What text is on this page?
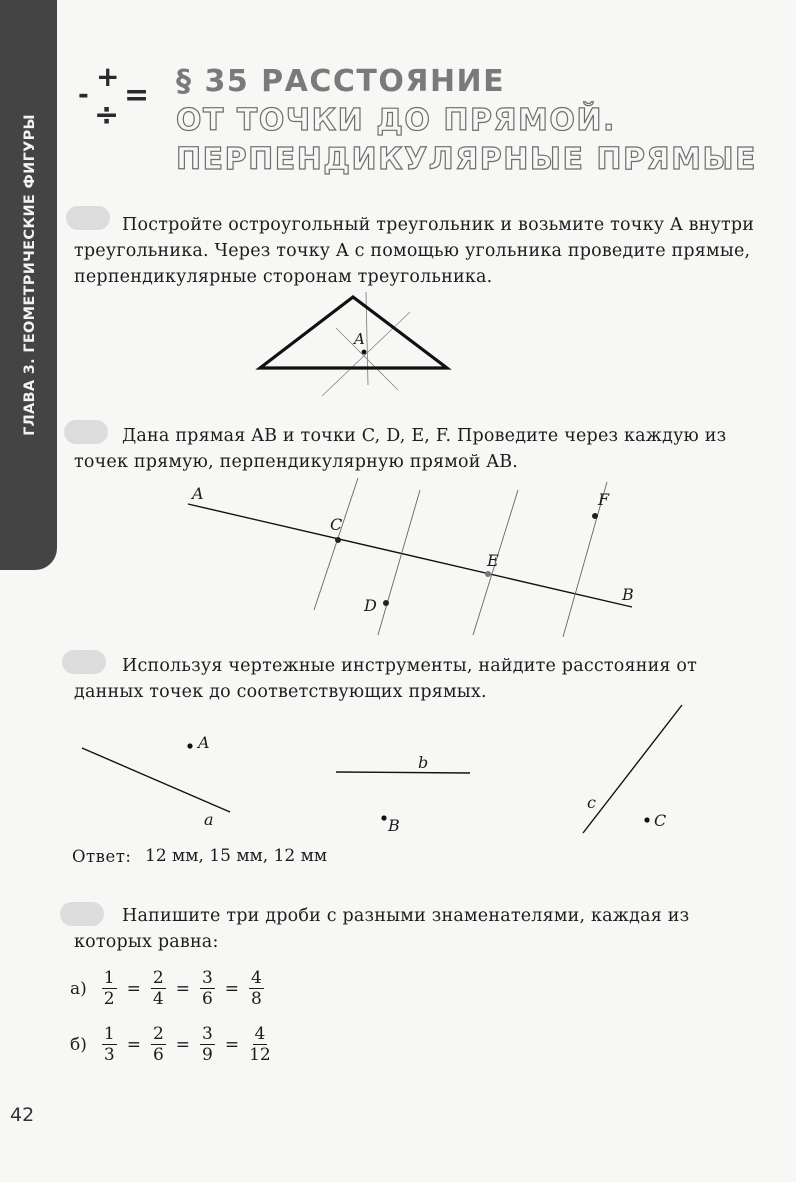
ГЛАВА 3. ГЕОМЕТРИЧЕСКИЕ ФИГУРЫ
+
÷
=
-	§ 35 РАССТОЯНИЕ
ОТ ТОЧКИ ДО ПРЯМОЙ.
ПЕРПЕНДИКУЛЯРНЫЕ ПРЯМЫЕ

Постройте остроугольный треугольник и возьмите точку A внутри треугольника. Через точку A с помощью угольника проведите прямые, перпендикулярные сторонам треугольника.

A

Дана прямая AB и точки C, D, E, F. Проведите через каждую из точек прямую, перпендикулярную прямой AB.

A
B
C
D
E
F

Используя чертежные инструменты, найдите расстояния от данных точек до соответствующих прямых.

A
a
b
B
c
C
Ответ: 12 мм, 15 мм, 12 мм

Напишите три дроби с разными знаменателями, каждая из которых равна:

$а) \frac{1}{2} = \frac{2}{4} = \frac{3}{6} = \frac{4}{8}$
$б) \frac{1}{3} = \frac{2}{6} = \frac{3}{9} = \frac{4}{12}$
42
